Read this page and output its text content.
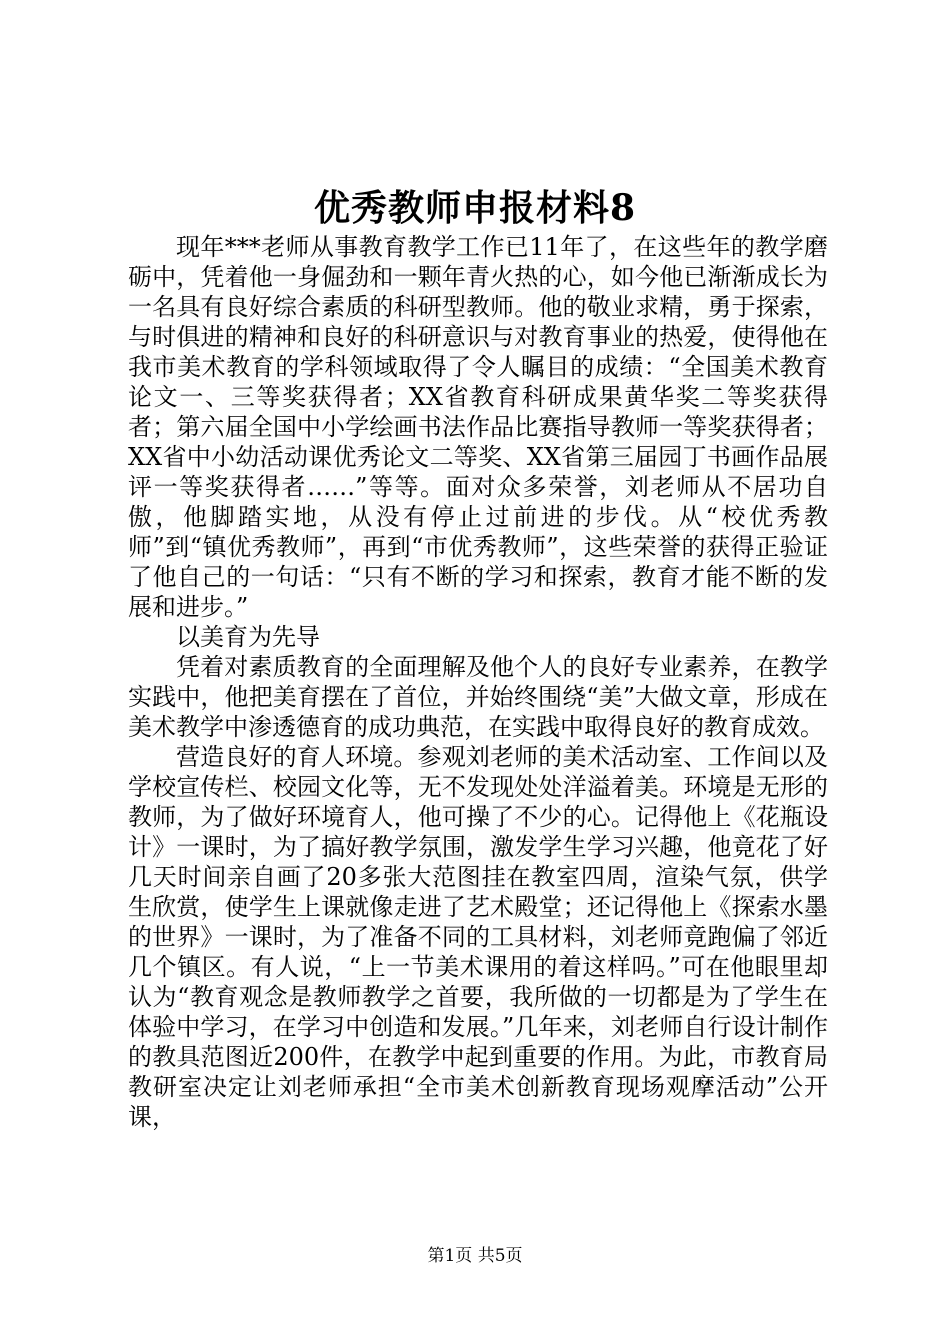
优秀教师申报材料8

现年***老师从事教育教学工作已11年了，在这些年的教学磨砺中，凭着他一身倔劲和一颗年青火热的心，如今他已渐渐成长为一名具有良好综合素质的科研型教师。他的敬业求精，勇于探索，与时俱进的精神和良好的科研意识与对教育事业的热爱，使得他在我市美术教育的学科领域取得了令人瞩目的成绩：“全国美术教育论文一、三等奖获得者；XX省教育科研成果黄华奖二等奖获得者；第六届全国中小学绘画书法作品比赛指导教师一等奖获得者；XX省中小幼活动课优秀论文二等奖、XX省第三届园丁书画作品展评一等奖获得者……”等等。面对众多荣誉，刘老师从不居功自傲，他脚踏实地，从没有停止过前进的步伐。从“校优秀教师”到“镇优秀教师”，再到“市优秀教师”，这些荣誉的获得正验证了他自己的一句话：“只有不断的学习和探索，教育才能不断的发展和进步。”

以美育为先导

凭着对素质教育的全面理解及他个人的良好专业素养，在教学实践中，他把美育摆在了首位，并始终围绕“美”大做文章，形成在美术教学中渗透德育的成功典范，在实践中取得良好的教育成效。

营造良好的育人环境。参观刘老师的美术活动室、工作间以及学校宣传栏、校园文化等，无不发现处处洋溢着美。环境是无形的教师，为了做好环境育人，他可操了不少的心。记得他上《花瓶设计》一课时，为了搞好教学氛围，激发学生学习兴趣，他竟花了好几天时间亲自画了20多张大范图挂在教室四周，渲染气氛，供学生欣赏，使学生上课就像走进了艺术殿堂；还记得他上《探索水墨的世界》一课时，为了准备不同的工具材料，刘老师竟跑偏了邻近几个镇区。有人说，“上一节美术课用的着这样吗。”可在他眼里却认为“教育观念是教师教学之首要，我所做的一切都是为了学生在体验中学习，在学习中创造和发展。”几年来，刘老师自行设计制作的教具范图近200件，在教学中起到重要的作用。为此，市教育局教研室决定让刘老师承担“全市美术创新教育现场观摩活动”公开课，

第1页 共5页
